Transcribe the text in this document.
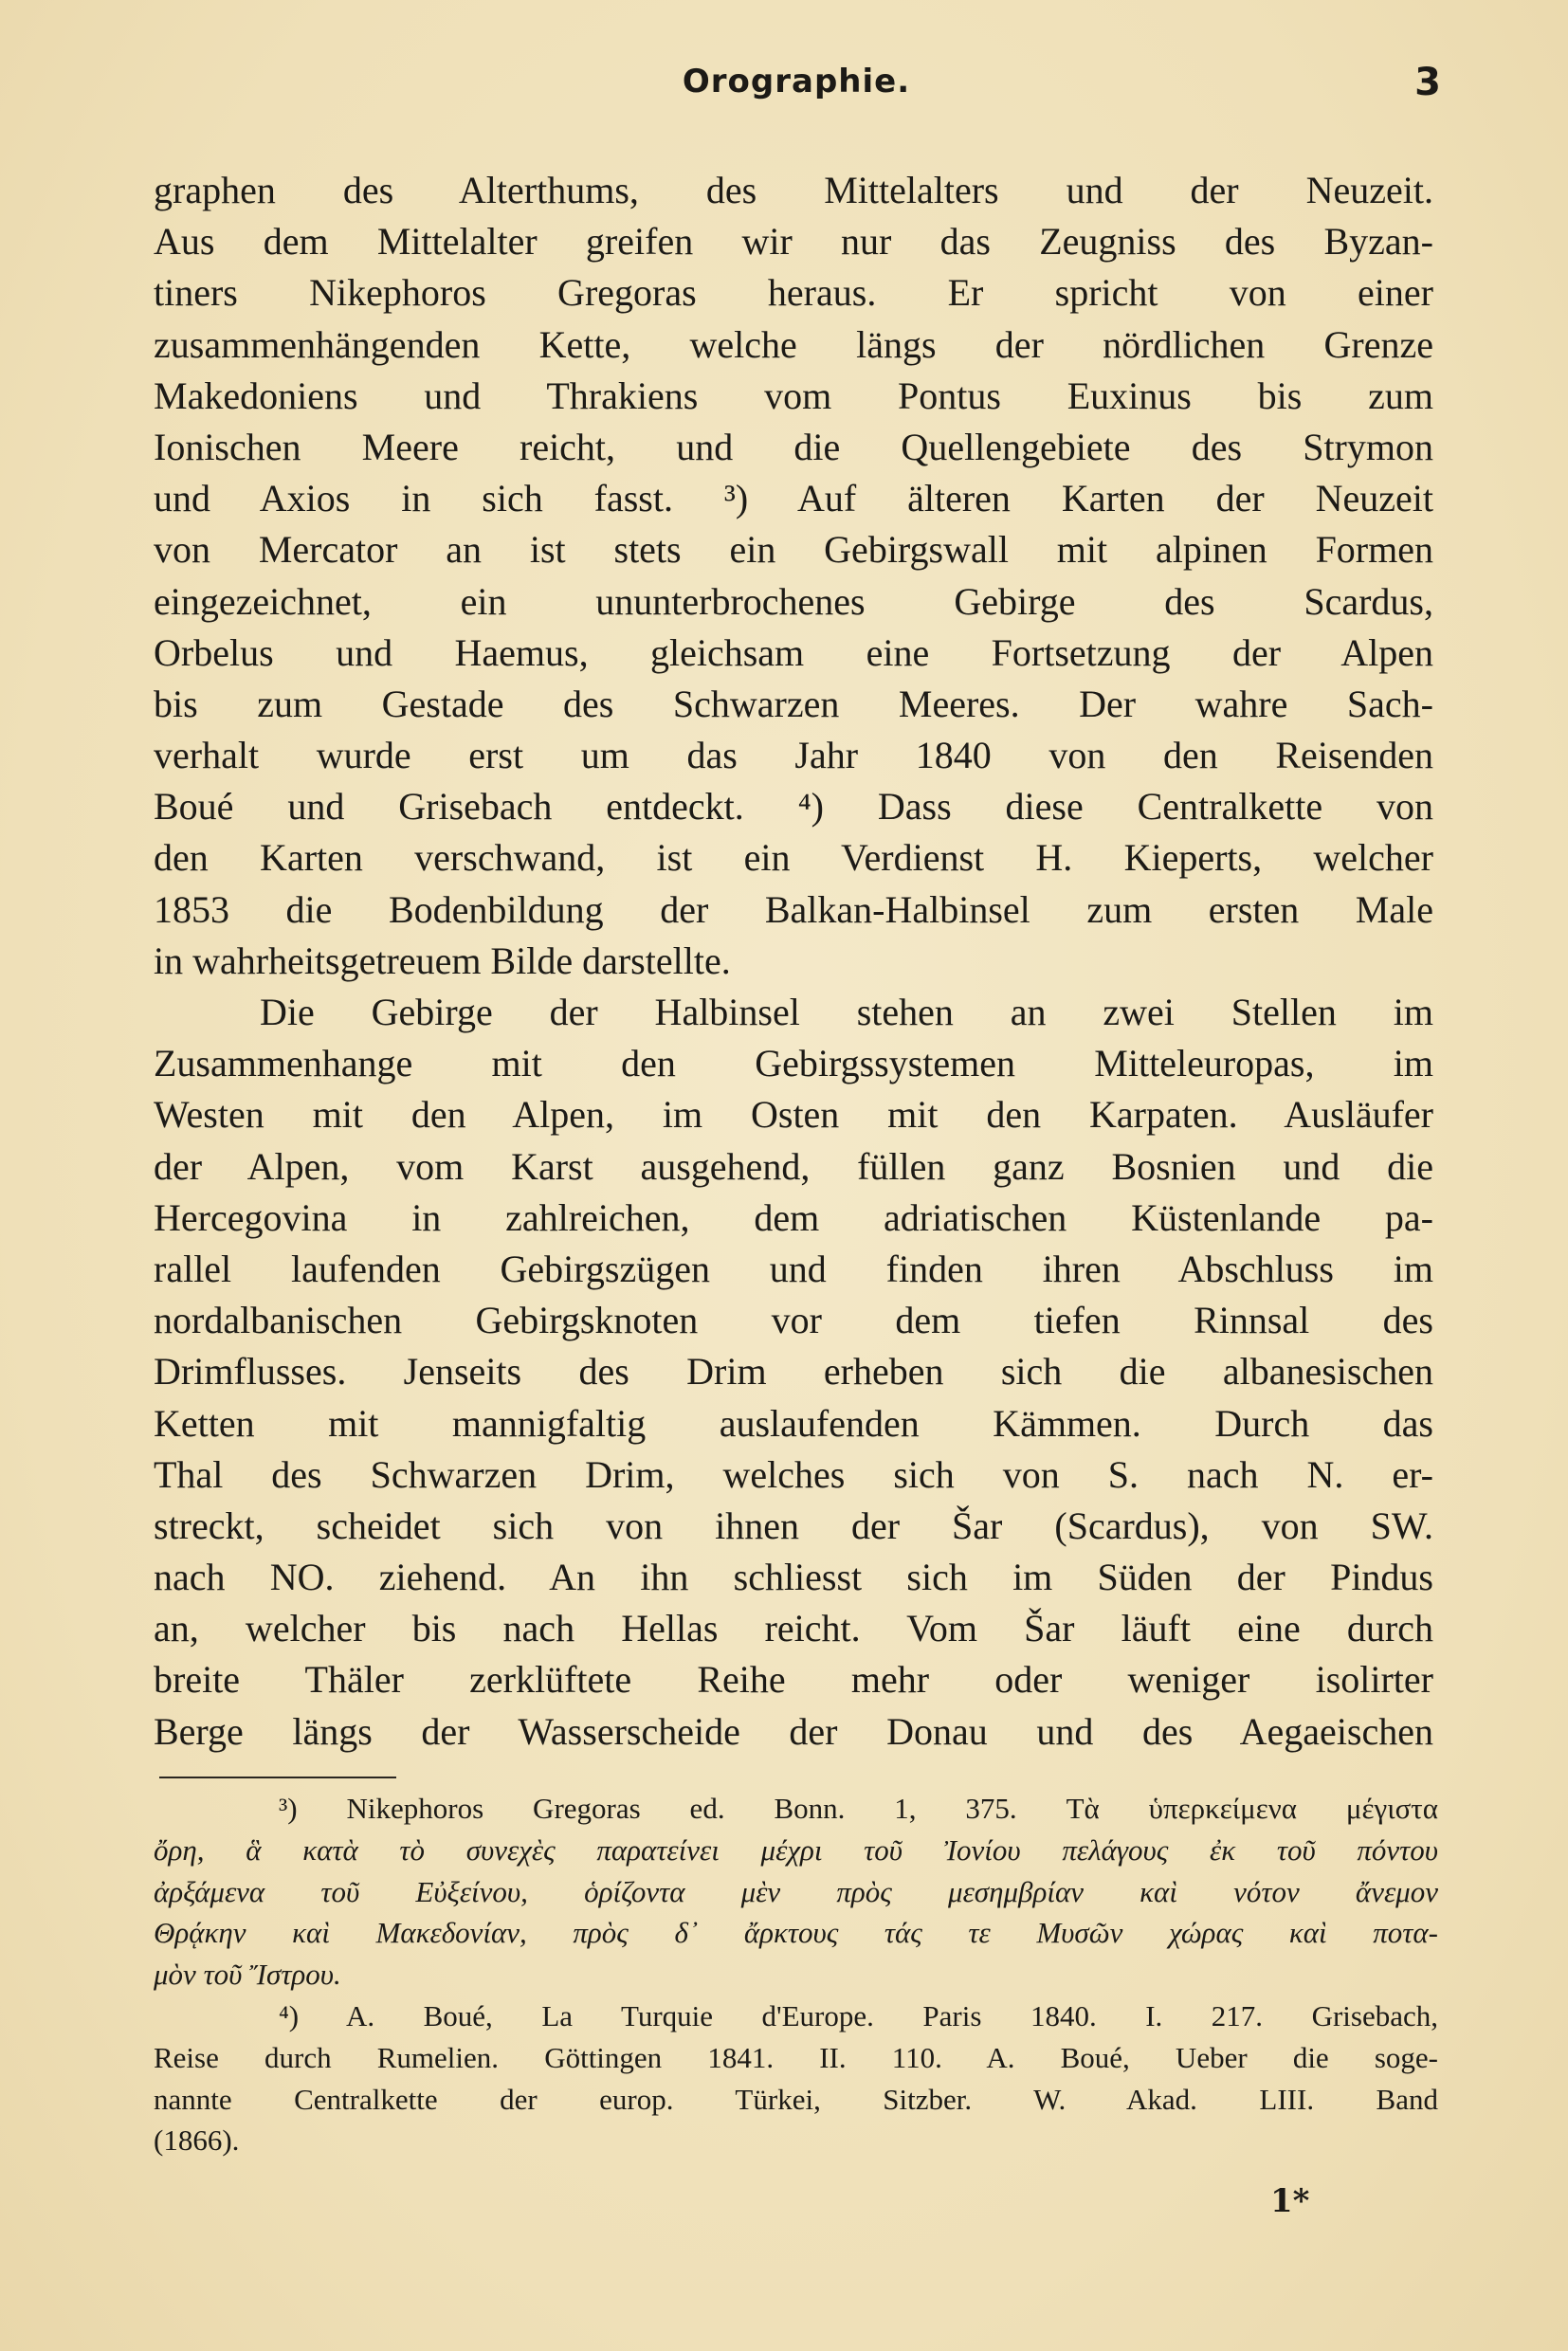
Orographie.	3
graphen des Alterthums, des Mittelalters und der Neuzeit.
Aus dem Mittelalter greifen wir nur das Zeugniss des Byzan-
tiners Nikephoros Gregoras heraus. Er spricht von einer
zusammenhängenden Kette, welche längs der nördlichen Grenze
Makedoniens und Thrakiens vom Pontus Euxinus bis zum
Ionischen Meere reicht, und die Quellengebiete des Strymon
und Axios in sich fasst. ³) Auf älteren Karten der Neuzeit
von Mercator an ist stets ein Gebirgswall mit alpinen Formen
eingezeichnet, ein ununterbrochenes Gebirge des Scardus,
Orbelus und Haemus, gleichsam eine Fortsetzung der Alpen
bis zum Gestade des Schwarzen Meeres. Der wahre Sach-
verhalt wurde erst um das Jahr 1840 von den Reisenden
Boué und Grisebach entdeckt. ⁴) Dass diese Centralkette von
den Karten verschwand, ist ein Verdienst H. Kieperts, welcher
1853 die Bodenbildung der Balkan-Halbinsel zum ersten Male
in wahrheitsgetreuem Bilde darstellte.
Die Gebirge der Halbinsel stehen an zwei Stellen im
Zusammenhange mit den Gebirgssystemen Mitteleuropas, im
Westen mit den Alpen, im Osten mit den Karpaten. Ausläufer
der Alpen, vom Karst ausgehend, füllen ganz Bosnien und die
Hercegovina in zahlreichen, dem adriatischen Küstenlande pa-
rallel laufenden Gebirgszügen und finden ihren Abschluss im
nordalbanischen Gebirgsknoten vor dem tiefen Rinnsal des
Drimflusses. Jenseits des Drim erheben sich die albanesischen
Ketten mit mannigfaltig auslaufenden Kämmen. Durch das
Thal des Schwarzen Drim, welches sich von S. nach N. er-
streckt, scheidet sich von ihnen der Šar (Scardus), von SW.
nach NO. ziehend. An ihn schliesst sich im Süden der Pindus
an, welcher bis nach Hellas reicht. Vom Šar läuft eine durch
breite Thäler zerklüftete Reihe mehr oder weniger isolirter
Berge längs der Wasserscheide der Donau und des Aegaeischen
³) Nikephoros Gregoras ed. Bonn. 1, 375. Τὰ ὑπερκείμενα μέγιστα
ὄρη, ἃ κατὰ τὸ συνεχὲς παρατείνει μέχρι τοῦ Ἰονίου πελάγους ἐκ τοῦ πόντου
ἀρξάμενα τοῦ Εὐξείνου, ὁρίζοντα μὲν πρὸς μεσημβρίαν καὶ νότον ἄνεμον
Θρᾴκην καὶ Μακεδονίαν, πρὸς δ᾽ ἄρκτους τάς τε Μυσῶν χώρας καὶ ποτα-
μὸν τοῦ Ἴστρου.
⁴) A. Boué, La Turquie d'Europe. Paris 1840. I. 217. Grisebach,
Reise durch Rumelien. Göttingen 1841. II. 110. A. Boué, Ueber die soge-
nannte Centralkette der europ. Türkei, Sitzber. W. Akad. LIII. Band
(1866).
1*
